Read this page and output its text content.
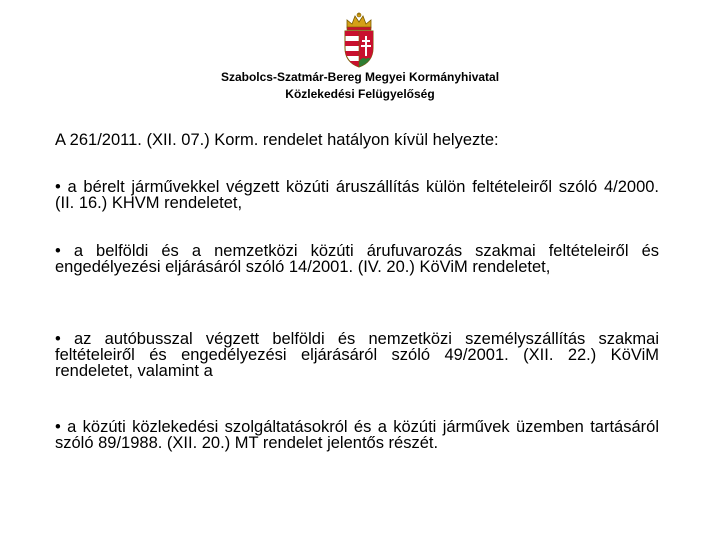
Szabolcs-Szatmár-Bereg Megyei Kormányhivatal
Közlekedési Felügyelőség
A 261/2011. (XII. 07.) Korm. rendelet hatályon kívül helyezte:
• a bérelt járművekkel végzett közúti áruszállítás külön feltételeiről szóló 4/2000. (II. 16.) KHVM rendeletet,
• a belföldi és a nemzetközi közúti árufuvarozás szakmai feltételeiről és engedélyezési eljárásáról szóló 14/2001. (IV. 20.) KöViM rendeletet,
• az autóbusszal végzett belföldi és nemzetközi személyszállítás szakmai feltételeiről és engedélyezési eljárásáról szóló 49/2001. (XII. 22.) KöViM rendeletet, valamint a
• a közúti közlekedési szolgáltatásokról és a közúti járművek üzemben tartásáról szóló 89/1988. (XII. 20.) MT rendelet jelentős részét.
